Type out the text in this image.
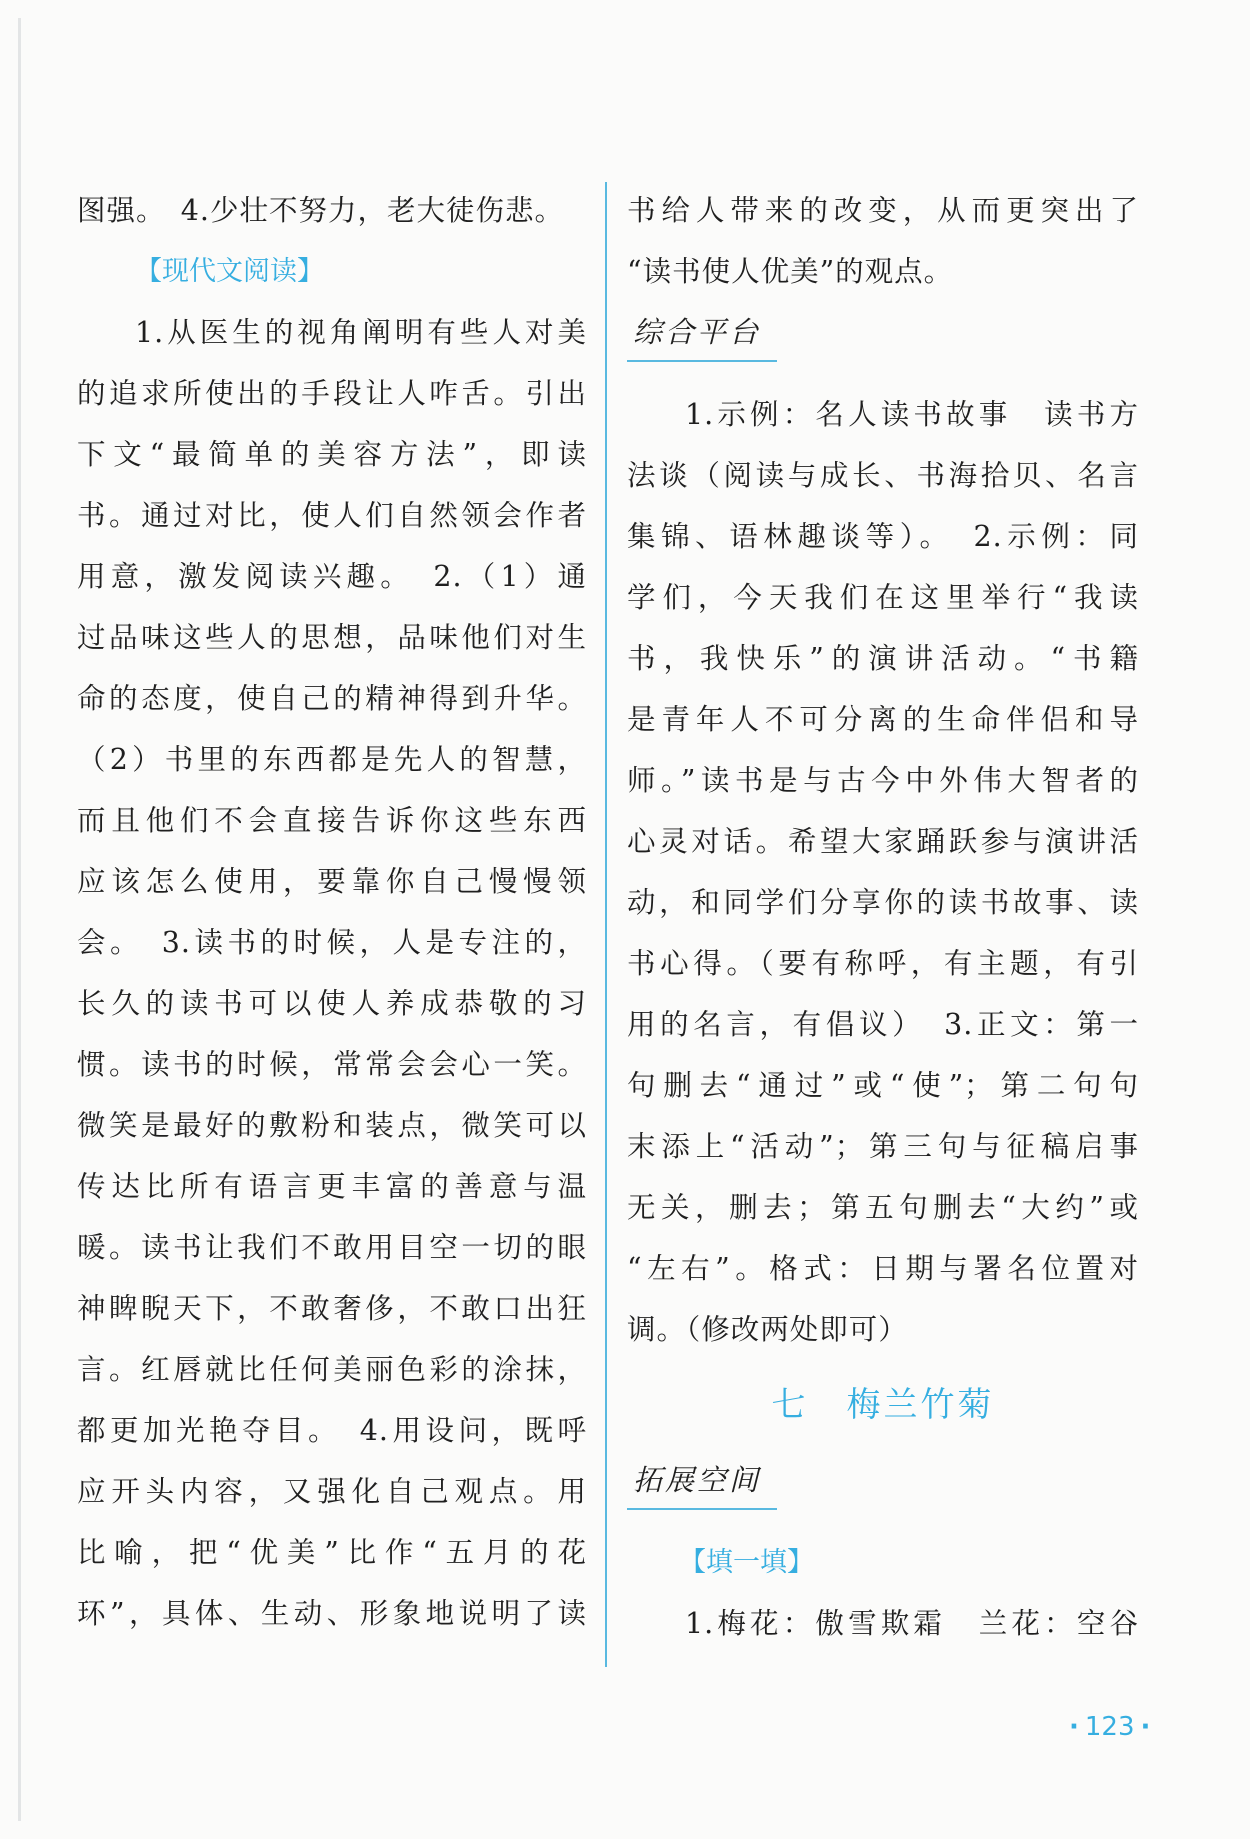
图强。　4.少壮不努力，老大徒伤悲。
【现代文阅读】
1.从医生的视角阐明有些人对美
的追求所使出的手段让人咋舌。引出
下文“最简单的美容方法”，即读
书。通过对比，使人们自然领会作者
用意，激发阅读兴趣。　2.（1）通
过品味这些人的思想，品味他们对生
命的态度，使自己的精神得到升华。
（2）书里的东西都是先人的智慧，
而且他们不会直接告诉你这些东西
应该怎么使用，要靠你自己慢慢领
会。　3.读书的时候，人是专注的，
长久的读书可以使人养成恭敬的习
惯。读书的时候，常常会会心一笑。
微笑是最好的敷粉和装点，微笑可以
传达比所有语言更丰富的善意与温
暖。读书让我们不敢用目空一切的眼
神睥睨天下，不敢奢侈，不敢口出狂
言。红唇就比任何美丽色彩的涂抹，
都更加光艳夺目。　4.用设问，既呼
应开头内容，又强化自己观点。用
比喻，把“优美”比作“五月的花
环”，具体、生动、形象地说明了读
书给人带来的改变，从而更突出了
“读书使人优美”的观点。
综合平台
1.示例：名人读书故事　读书方
法谈（阅读与成长、书海拾贝、名言
集锦、语林趣谈等）。　2.示例：同
学们，今天我们在这里举行“我读
书，我快乐”的演讲活动。“书籍
是青年人不可分离的生命伴侣和导
师。”读书是与古今中外伟大智者的
心灵对话。希望大家踊跃参与演讲活
动，和同学们分享你的读书故事、读
书心得。（要有称呼，有主题，有引
用的名言，有倡议）　3.正文：第一
句删去“通过”或“使”；第二句句
末添上“活动”；第三句与征稿启事
无关，删去；第五句删去“大约”或
“左右”。格式：日期与署名位置对
调。（修改两处即可）
七 梅兰竹菊
拓展空间
【填一填】
1.梅花：傲雪欺霜　兰花：空谷
· 123 ·
